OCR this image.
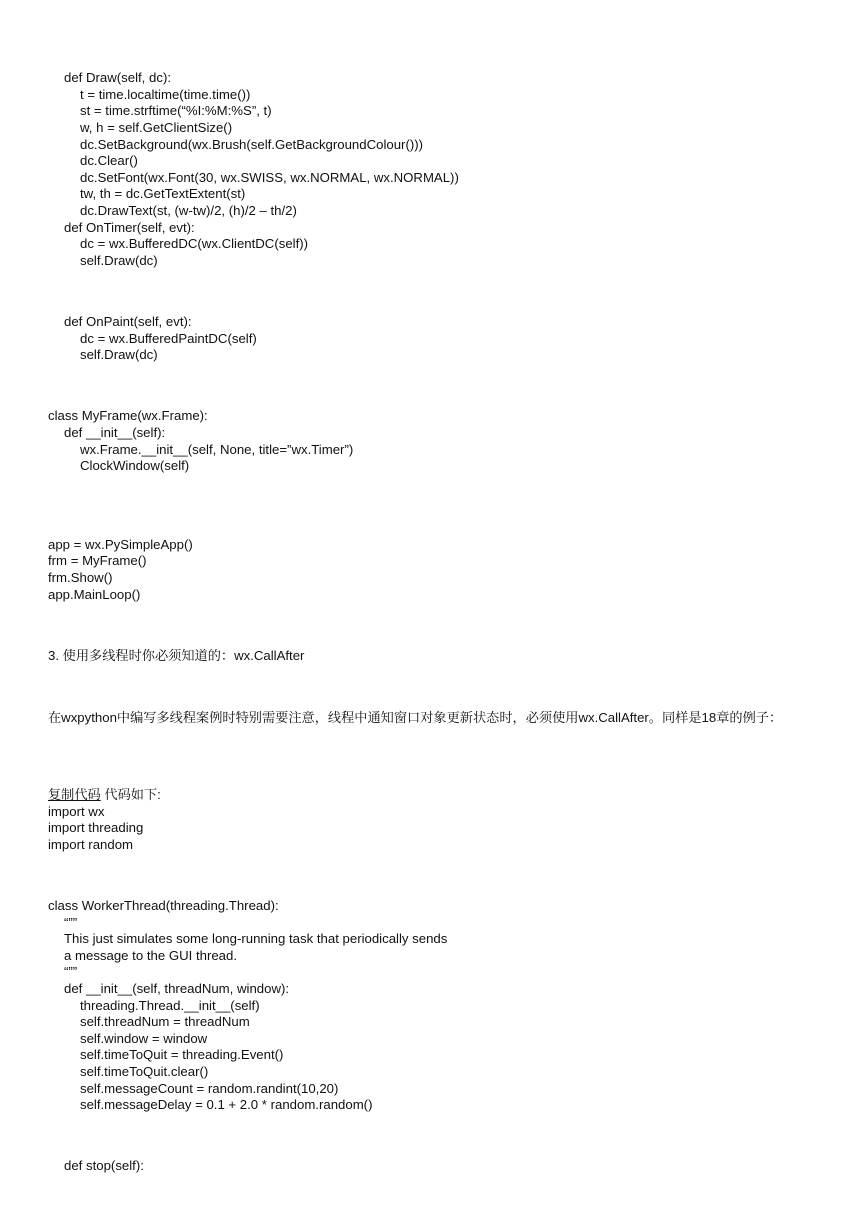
def Draw(self, dc):
t = time.localtime(time.time())
st = time.strftime(“%I:%M:%S”, t)
w, h = self.GetClientSize()
dc.SetBackground(wx.Brush(self.GetBackgroundColour()))
dc.Clear()
dc.SetFont(wx.Font(30, wx.SWISS, wx.NORMAL, wx.NORMAL))
tw, th = dc.GetTextExtent(st)
dc.DrawText(st, (w-tw)/2, (h)/2 – th/2)
def OnTimer(self, evt):
dc = wx.BufferedDC(wx.ClientDC(self))
self.Draw(dc)
def OnPaint(self, evt):
dc = wx.BufferedPaintDC(self)
self.Draw(dc)
class MyFrame(wx.Frame):
def __init__(self):
wx.Frame.__init__(self, None, title=”wx.Timer”)
ClockWindow(self)
app = wx.PySimpleApp()
frm = MyFrame()
frm.Show()
app.MainLoop()
3. 使用多线程时你必须知道的：wx.CallAfter
在wxpython中编写多线程案例时特别需要注意，线程中通知窗口对象更新状态时，必须使用wx.CallAfter。同样是18章的例子：
复制代码 代码如下:
import wx
import threading
import random
class WorkerThread(threading.Thread):
“””
This just simulates some long-running task that periodically sends
a message to the GUI thread.
“””
def __init__(self, threadNum, window):
threading.Thread.__init__(self)
self.threadNum = threadNum
self.window = window
self.timeToQuit = threading.Event()
self.timeToQuit.clear()
self.messageCount = random.randint(10,20)
self.messageDelay = 0.1 + 2.0 * random.random()
def stop(self):
